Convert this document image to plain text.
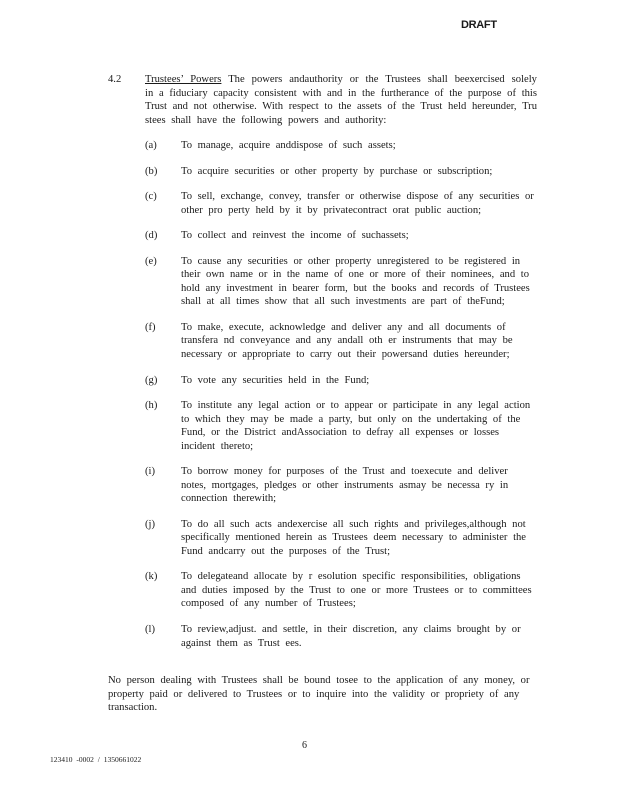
DRAFT
4.2 Trustees’ Powers The powers andauthority or the Trustees shall beexercised solely in a fiduciary capacity consistent with and in the furtherance of the purpose of this Trust and not otherwise. With respect to the assets of the Trust held hereunder, Tru stees shall have the following powers and authority:
(a)	To manage, acquire anddispose of such assets;
(b)	To acquire securities or other property by purchase or subscription;
(c)	To sell, exchange, convey, transfer or otherwise dispose of any securities or other pro perty held by it by privatecontract orat public auction;
(d)	To collect and reinvest the income of suchassets;
(e)	To cause any securities or other property unregistered to be registered in their own name or in the name of one or more of their nominees, and to hold any investment in bearer form, but the books and records of Trustees shall at all times show that all such investments are part of theFund;
(f)	To make, execute, acknowledge and deliver any and all documents of transfera nd conveyance and any andall oth er instruments that may be necessary or appropriate to carry out their powersand duties hereunder;
(g)	To vote any securities held in the Fund;
(h)	To institute any legal action or to appear or participate in any legal action to which they may be made a party, but only on the undertaking of the Fund, or the District andAssociation to defray all expenses or losses incident thereto;
(i)	To borrow money for purposes of the Trust and toexecute and deliver notes, mortgages, pledges or other instruments asmay be necessa ry in connection therewith;
(j)	To do all such acts andexercise all such rights and privileges,although not specifically mentioned herein as Trustees deem necessary to administer the Fund andcarry out the purposes of the Trust;
(k)	To delegateand allocate by r esolution specific responsibilities, obligations and duties imposed by the Trust to one or more Trustees or to committees composed of any number of Trustees;
(l)	To review,adjust. and settle, in their discretion, any claims brought by or against them as Trust ees.
No person dealing with Trustees shall be bound tosee to the application of any money, or property paid or delivered to Trustees or to inquire into the validity or propriety of any transaction.
6
123410 -0002 / 1350661022
